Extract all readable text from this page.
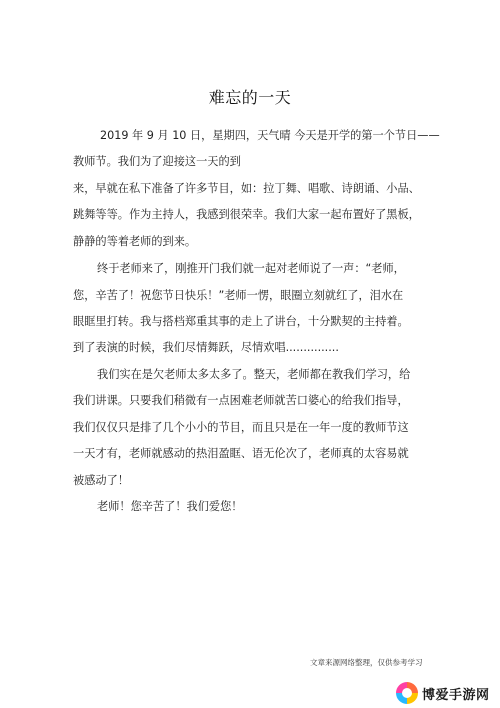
难忘的一天
2019 年 9 月 10 日，星期四，天气晴 今天是开学的第一个节日——
教师节。我们为了迎接这一天的到
来，早就在私下准备了许多节目，如：拉丁舞、唱歌、诗朗诵、小品、
跳舞等等。作为主持人，我感到很荣幸。我们大家一起布置好了黑板，
静静的等着老师的到来。
终于老师来了，刚推开门我们就一起对老师说了一声：“老师，
您，辛苦了！祝您节日快乐！”老师一愣，眼圈立刻就红了，泪水在
眼眶里打转。我与搭档郑重其事的走上了讲台，十分默契的主持着。
到了表演的时候，我们尽情舞跃，尽情欢唱...............
我们实在是欠老师太多太多了。整天，老师都在教我们学习，给
我们讲课。只要我们稍微有一点困难老师就苦口婆心的给我们指导，
我们仅仅只是排了几个小小的节目，而且只是在一年一度的教师节这
一天才有，老师就感动的热泪盈眶、语无伦次了，老师真的太容易就
被感动了！
老师！您辛苦了！我们爱您！
文章来源网络整理，仅供参考学习
博爱手游网
